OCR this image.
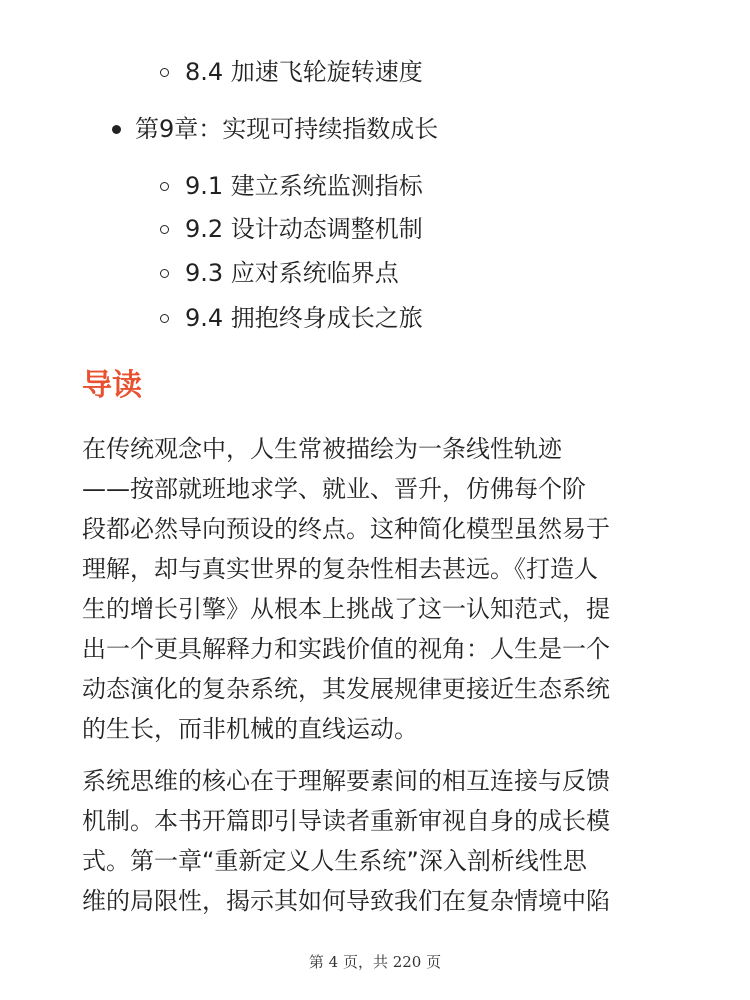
8.4 加速飞轮旋转速度
第9章：实现可持续指数成长
9.1 建立系统监测指标
9.2 设计动态调整机制
9.3 应对系统临界点
9.4 拥抱终身成长之旅
导读
在传统观念中，人生常被描绘为一条线性轨迹
——按部就班地求学、就业、晋升，仿佛每个阶
段都必然导向预设的终点。这种简化模型虽然易于
理解，却与真实世界的复杂性相去甚远。《打造人
生的增长引擎》从根本上挑战了这一认知范式，提
出一个更具解释力和实践价值的视角：人生是一个
动态演化的复杂系统，其发展规律更接近生态系统
的生长，而非机械的直线运动。
系统思维的核心在于理解要素间的相互连接与反馈
机制。本书开篇即引导读者重新审视自身的成长模
式。第一章“重新定义人生系统”深入剖析线性思
维的局限性，揭示其如何导致我们在复杂情境中陷
第 4 页，共 220 页
